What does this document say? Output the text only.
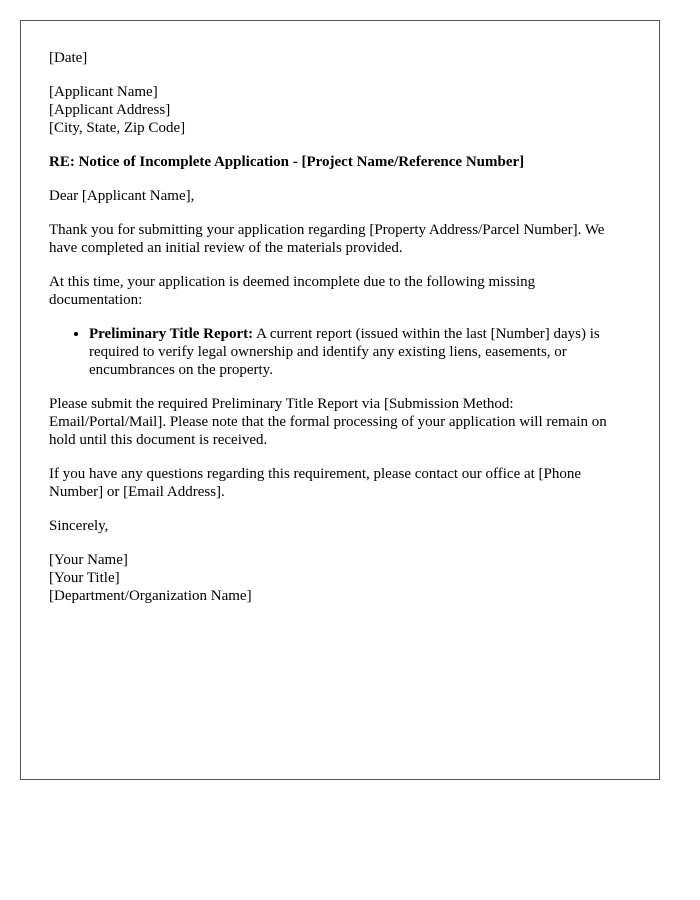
[Date]
[Applicant Name]
[Applicant Address]
[City, State, Zip Code]
RE: Notice of Incomplete Application - [Project Name/Reference Number]

Dear [Applicant Name],

Thank you for submitting your application regarding [Property Address/Parcel Number]. We have completed an initial review of the materials provided.

At this time, your application is deemed incomplete due to the following missing documentation:

• Preliminary Title Report: A current report (issued within the last [Number] days) is required to verify legal ownership and identify any existing liens, easements, or encumbrances on the property.

Please submit the required Preliminary Title Report via [Submission Method: Email/Portal/Mail]. Please note that the formal processing of your application will remain on hold until this document is received.

If you have any questions regarding this requirement, please contact our office at [Phone Number] or [Email Address].

Sincerely,

[Your Name]
[Your Title]
[Department/Organization Name]
